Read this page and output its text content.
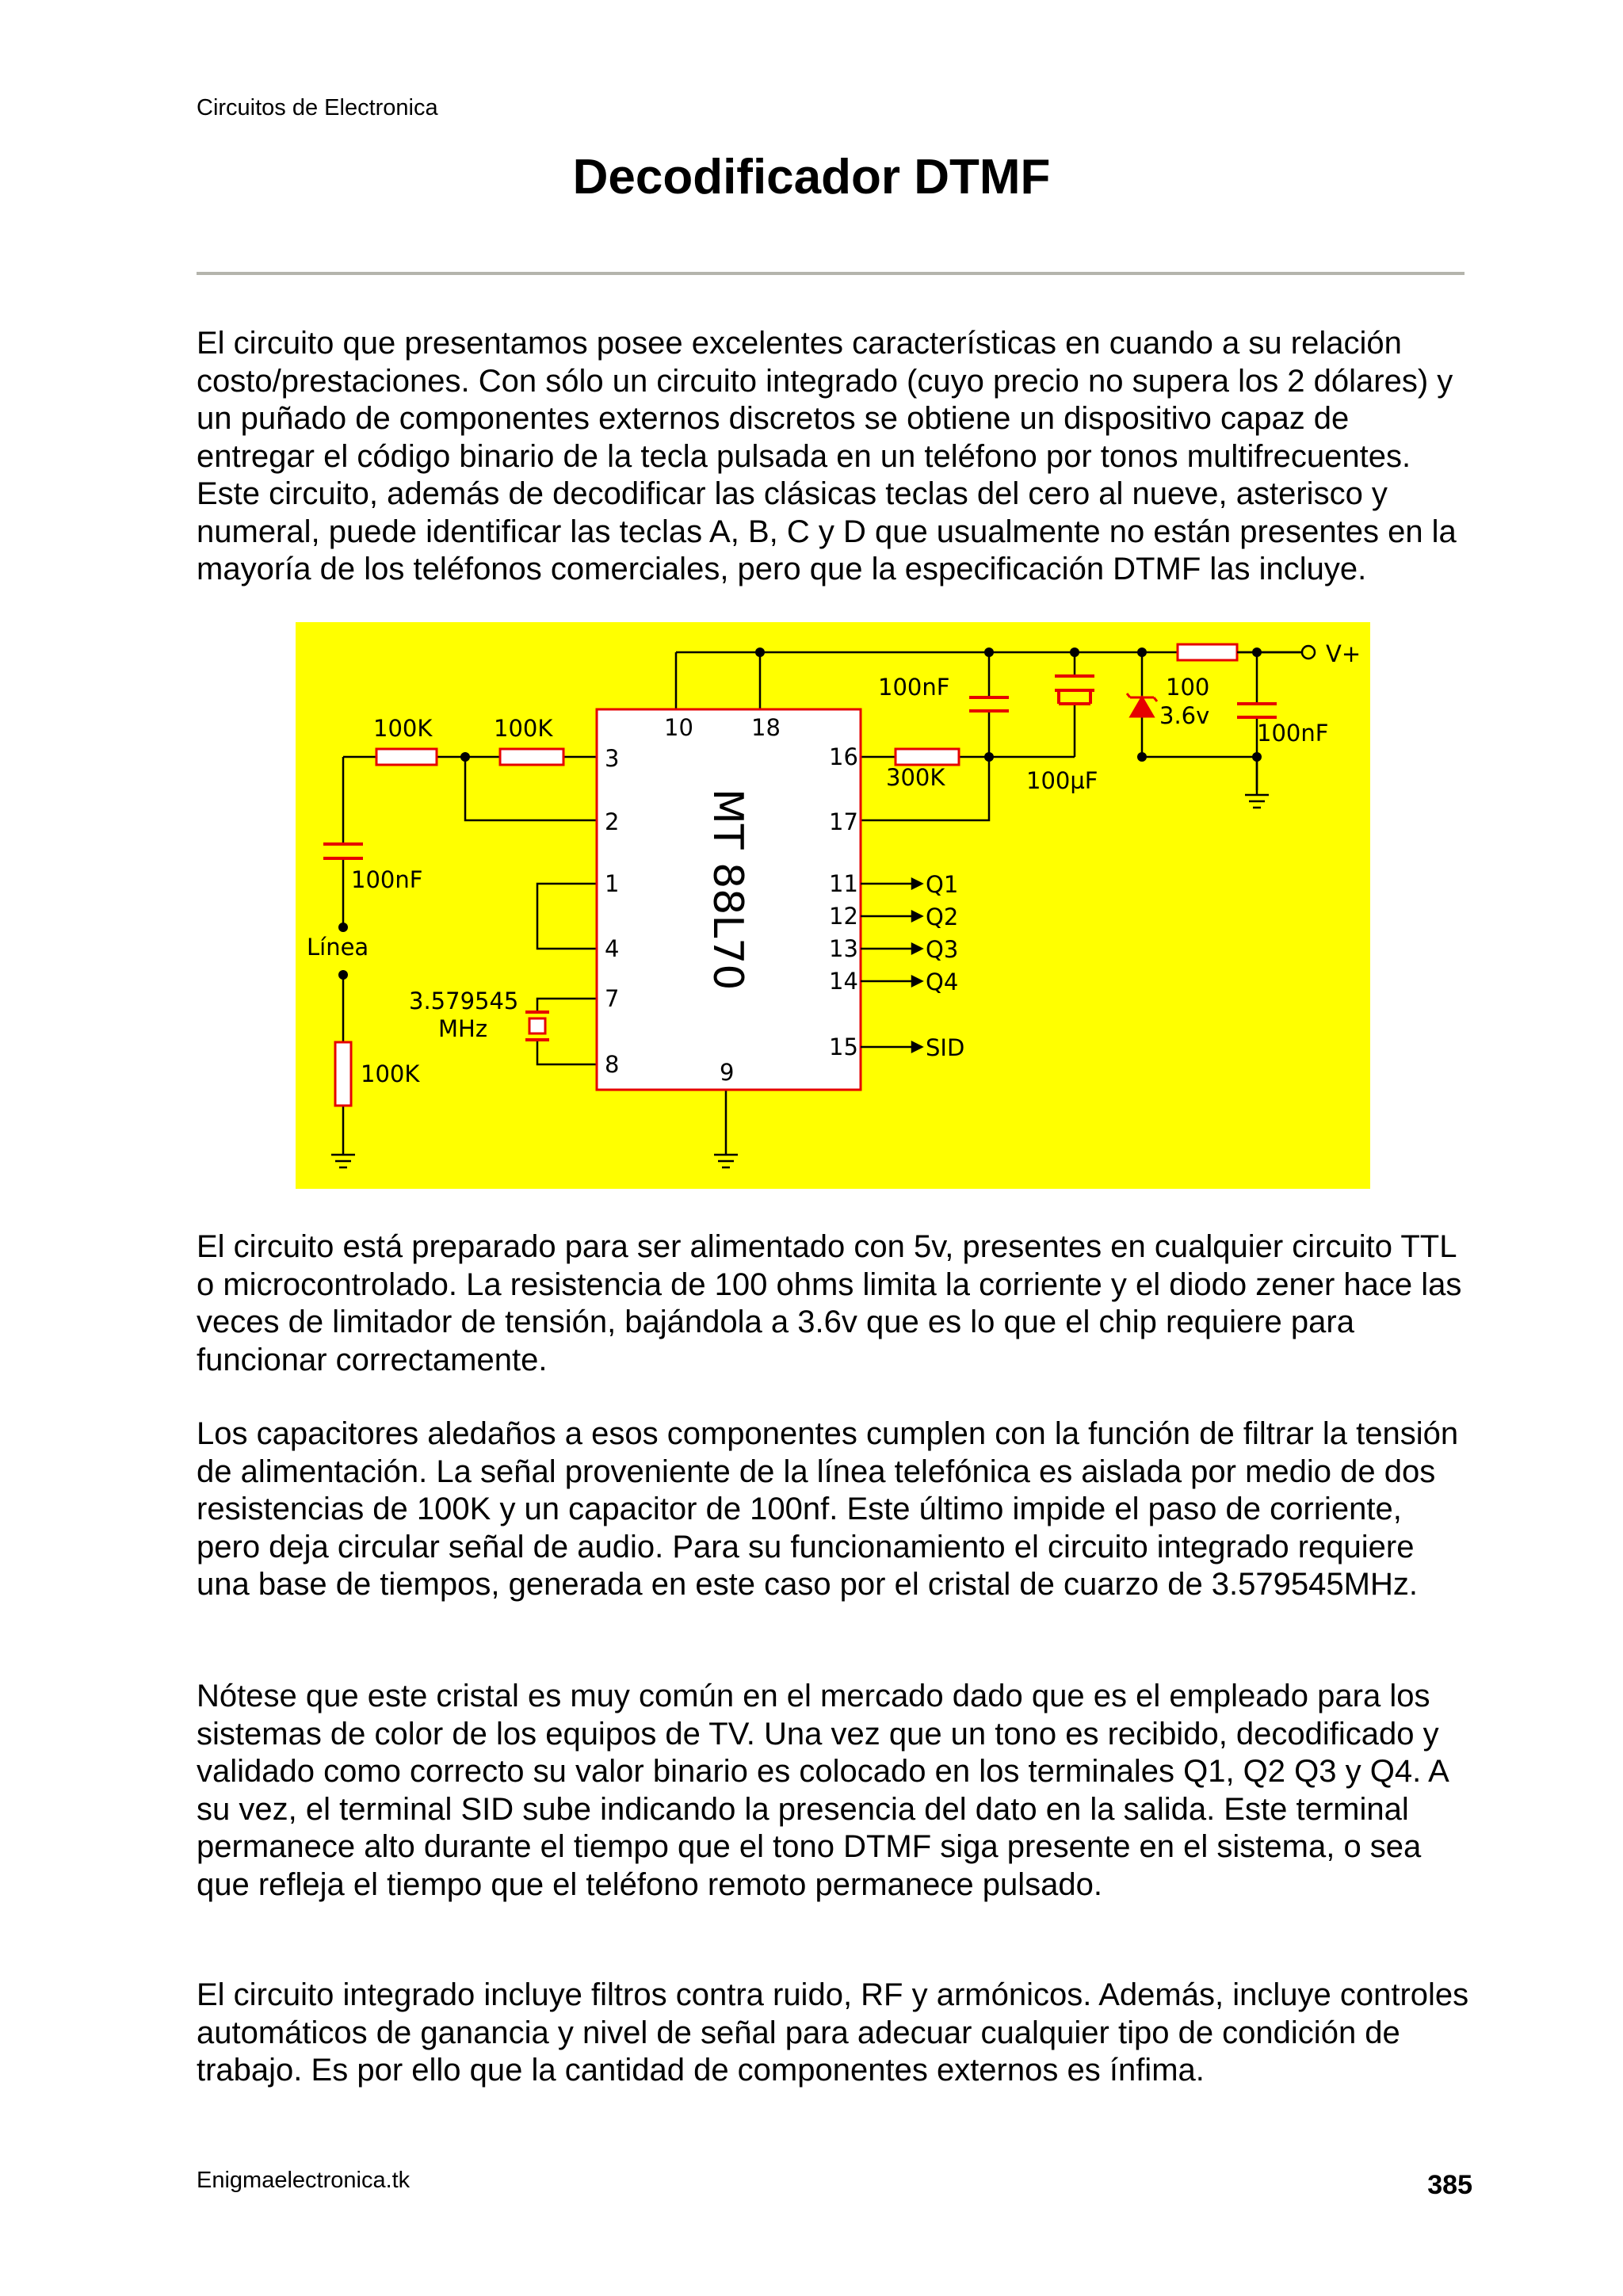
Circuitos de Electronica
Decodificador DTMF

El circuito que presentamos posee excelentes características en cuando a su relación costo/prestaciones. Con sólo un circuito integrado (cuyo precio no supera los 2 dólares) y un puñado de componentes externos discretos se obtiene un dispositivo capaz de entregar el código binario de la tecla pulsada en un teléfono por tonos multifrecuentes. Este circuito, además de decodificar las clásicas teclas del cero al nueve, asterisco y numeral, puede identificar las teclas A, B, C y D que usualmente no están presentes en la mayoría de los teléfonos comerciales, pero que la especificación DTMF las incluye.

V+
100
3.6v
100nF
100µF
100nF
300K
100K	100K
100nF
Línea
100K
3.579545
MHz
10	18
3
2
1
4
7
8	9
16
17
11
12
13
14
15
Q1
Q2
Q3
Q4
SID
MT 88L70

El circuito está preparado para ser alimentado con 5v, presentes en cualquier circuito TTL o microcontrolado. La resistencia de 100 ohms limita la corriente y el diodo zener hace las veces de limitador de tensión, bajándola a 3.6v que es lo que el chip requiere para funcionar correctamente.

Los capacitores aledaños a esos componentes cumplen con la función de filtrar la tensión de alimentación. La señal proveniente de la línea telefónica es aislada por medio de dos resistencias de 100K y un capacitor de 100nf. Este último impide el paso de corriente, pero deja circular señal de audio. Para su funcionamiento el circuito integrado requiere una base de tiempos, generada en este caso por el cristal de cuarzo de 3.579545MHz.

Nótese que este cristal es muy común en el mercado dado que es el empleado para los sistemas de color de los equipos de TV. Una vez que un tono es recibido, decodificado y validado como correcto su valor binario es colocado en los terminales Q1, Q2 Q3 y Q4. A su vez, el terminal SID sube indicando la presencia del dato en la salida. Este terminal permanece alto durante el tiempo que el tono DTMF siga presente en el sistema, o sea que refleja el tiempo que el teléfono remoto permanece pulsado.

El circuito integrado incluye filtros contra ruido, RF y armónicos. Además, incluye controles automáticos de ganancia y nivel de señal para adecuar cualquier tipo de condición de trabajo. Es por ello que la cantidad de componentes externos es ínfima.

Enigmaelectronica.tk	385
